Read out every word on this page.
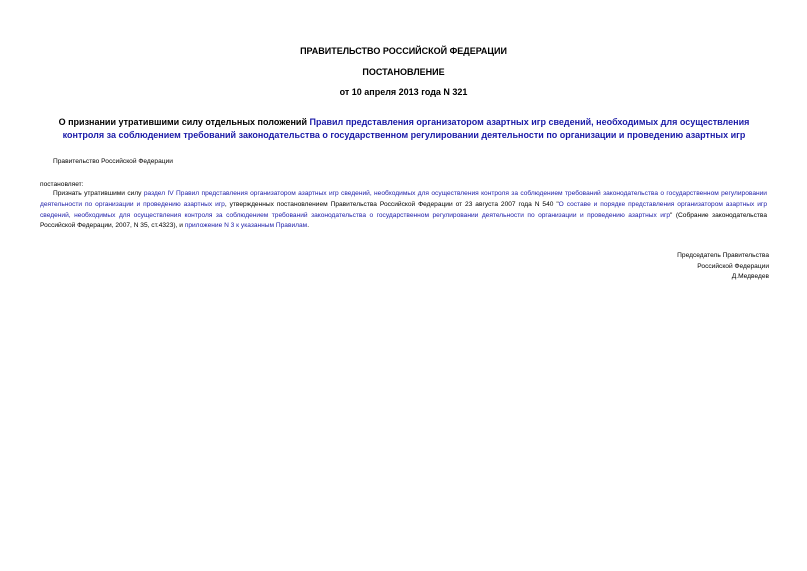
ПРАВИТЕЛЬСТВО РОССИЙСКОЙ ФЕДЕРАЦИИ
ПОСТАНОВЛЕНИЕ
от 10 апреля 2013 года N 321
О признании утратившими силу отдельных положений Правил представления организатором азартных игр сведений, необходимых для осуществления контроля за соблюдением требований законодательства о государственном регулировании деятельности по организации и проведению азартных игр
Правительство Российской Федерации
постановляет:
Признать утратившими силу раздел IV Правил представления организатором азартных игр сведений, необходимых для осуществления контроля за соблюдением требований законодательства о государственном регулировании деятельности по организации и проведению азартных игр, утвержденных постановлением Правительства Российской Федерации от 23 августа 2007 года N 540 "О составе и порядке представления организатором азартных игр сведений, необходимых для осуществления контроля за соблюдением требований законодательства о государственном регулировании деятельности по организации и проведению азартных игр" (Собрание законодательства Российской Федерации, 2007, N 35, ст.4323), и приложение N 3 к указанным Правилам.
Председатель Правительства
Российской Федерации
Д.Медведев
